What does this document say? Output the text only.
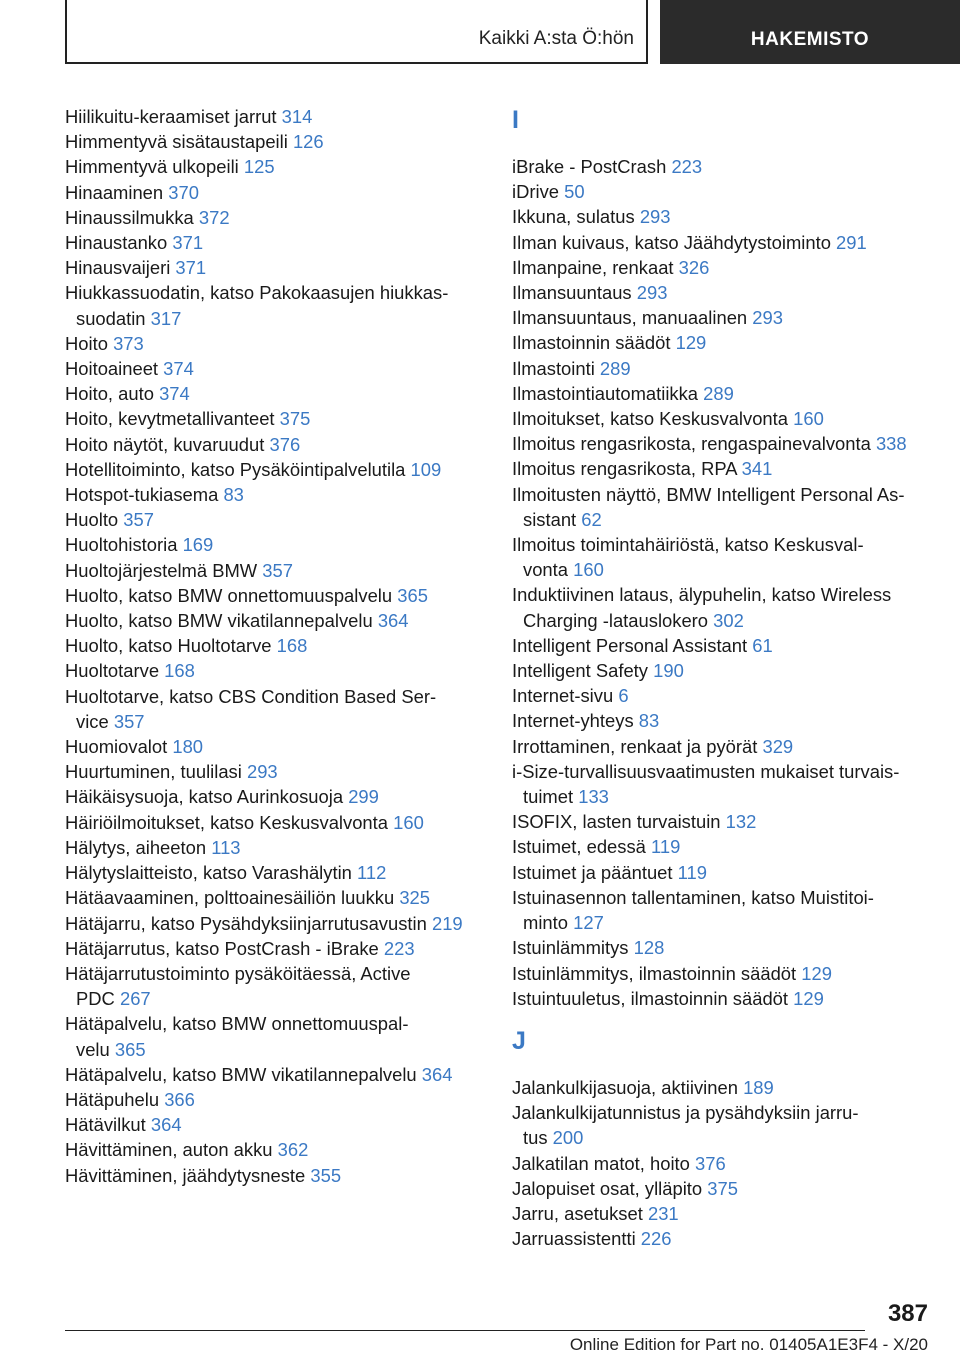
Kaikki A:sta Ö:hön	HAKEMISTO
Hiilikuitu-keraamiset jarrut 314
Himmentyvä sisätaustapeili 126
Himmentyvä ulkopeili 125
Hinaaminen 370
Hinaussilmukka 372
Hinaustanko 371
Hinausvaijeri 371
Hiukkassuodatin, katso Pakokaasujen hiukkas-
suodatin 317
Hoito 373
Hoitoaineet 374
Hoito, auto 374
Hoito, kevytmetallivanteet 375
Hoito näytöt, kuvaruudut 376
Hotellitoiminto, katso Pysäköintipalvelutila 109
Hotspot-tukiasema 83
Huolto 357
Huoltohistoria 169
Huoltojärjestelmä BMW 357
Huolto, katso BMW onnettomuuspalvelu 365
Huolto, katso BMW vikatilannepalvelu 364
Huolto, katso Huoltotarve 168
Huoltotarve 168
Huoltotarve, katso CBS Condition Based Ser-
vice 357
Huomiovalot 180
Huurtuminen, tuulilasi 293
Häikäisysuoja, katso Aurinkosuoja 299
Häiriöilmoitukset, katso Keskusvalvonta 160
Hälytys, aiheeton 113
Hälytyslaitteisto, katso Varashälytin 112
Hätäavaaminen, polttoainesäiliön luukku 325
Hätäjarru, katso Pysähdyksiinjarrutusavustin 219
Hätäjarrutus, katso PostCrash - iBrake 223
Hätäjarrutustoiminto pysäköitäessä, Active
PDC 267
Hätäpalvelu, katso BMW onnettomuuspal-
velu 365
Hätäpalvelu, katso BMW vikatilannepalvelu 364
Hätäpuhelu 366
Hätävilkut 364
Hävittäminen, auton akku 362
Hävittäminen, jäähdytysneste 355
I
iBrake - PostCrash 223
iDrive 50
Ikkuna, sulatus 293
Ilman kuivaus, katso Jäähdytystoiminto 291
Ilmanpaine, renkaat 326
Ilmansuuntaus 293
Ilmansuuntaus, manuaalinen 293
Ilmastoinnin säädöt 129
Ilmastointi 289
Ilmastointiautomatiikka 289
Ilmoitukset, katso Keskusvalvonta 160
Ilmoitus rengasrikosta, rengaspainevalvonta 338
Ilmoitus rengasrikosta, RPA 341
Ilmoitusten näyttö, BMW Intelligent Personal As-
sistant 62
Ilmoitus toimintahäiriöstä, katso Keskusval-
vonta 160
Induktiivinen lataus, älypuhelin, katso Wireless
Charging -latauslokero 302
Intelligent Personal Assistant 61
Intelligent Safety 190
Internet-sivu 6
Internet-yhteys 83
Irrottaminen, renkaat ja pyörät 329
i-Size-turvallisuusvaatimusten mukaiset turvais-
tuimet 133
ISOFIX, lasten turvaistuin 132
Istuimet, edessä 119
Istuimet ja pääntuet 119
Istuinasennon tallentaminen, katso Muistitoi-
minto 127
Istuinlämmitys 128
Istuinlämmitys, ilmastoinnin säädöt 129
Istuintuuletus, ilmastoinnin säädöt 129
J
Jalankulkijasuoja, aktiivinen 189
Jalankulkijatunnistus ja pysähdyksiin jarru-
tus 200
Jalkatilan matot, hoito 376
Jalopuiset osat, ylläpito 375
Jarru, asetukset 231
Jarruassistentti 226
387
Online Edition for Part no. 01405A1E3F4 - X/20
